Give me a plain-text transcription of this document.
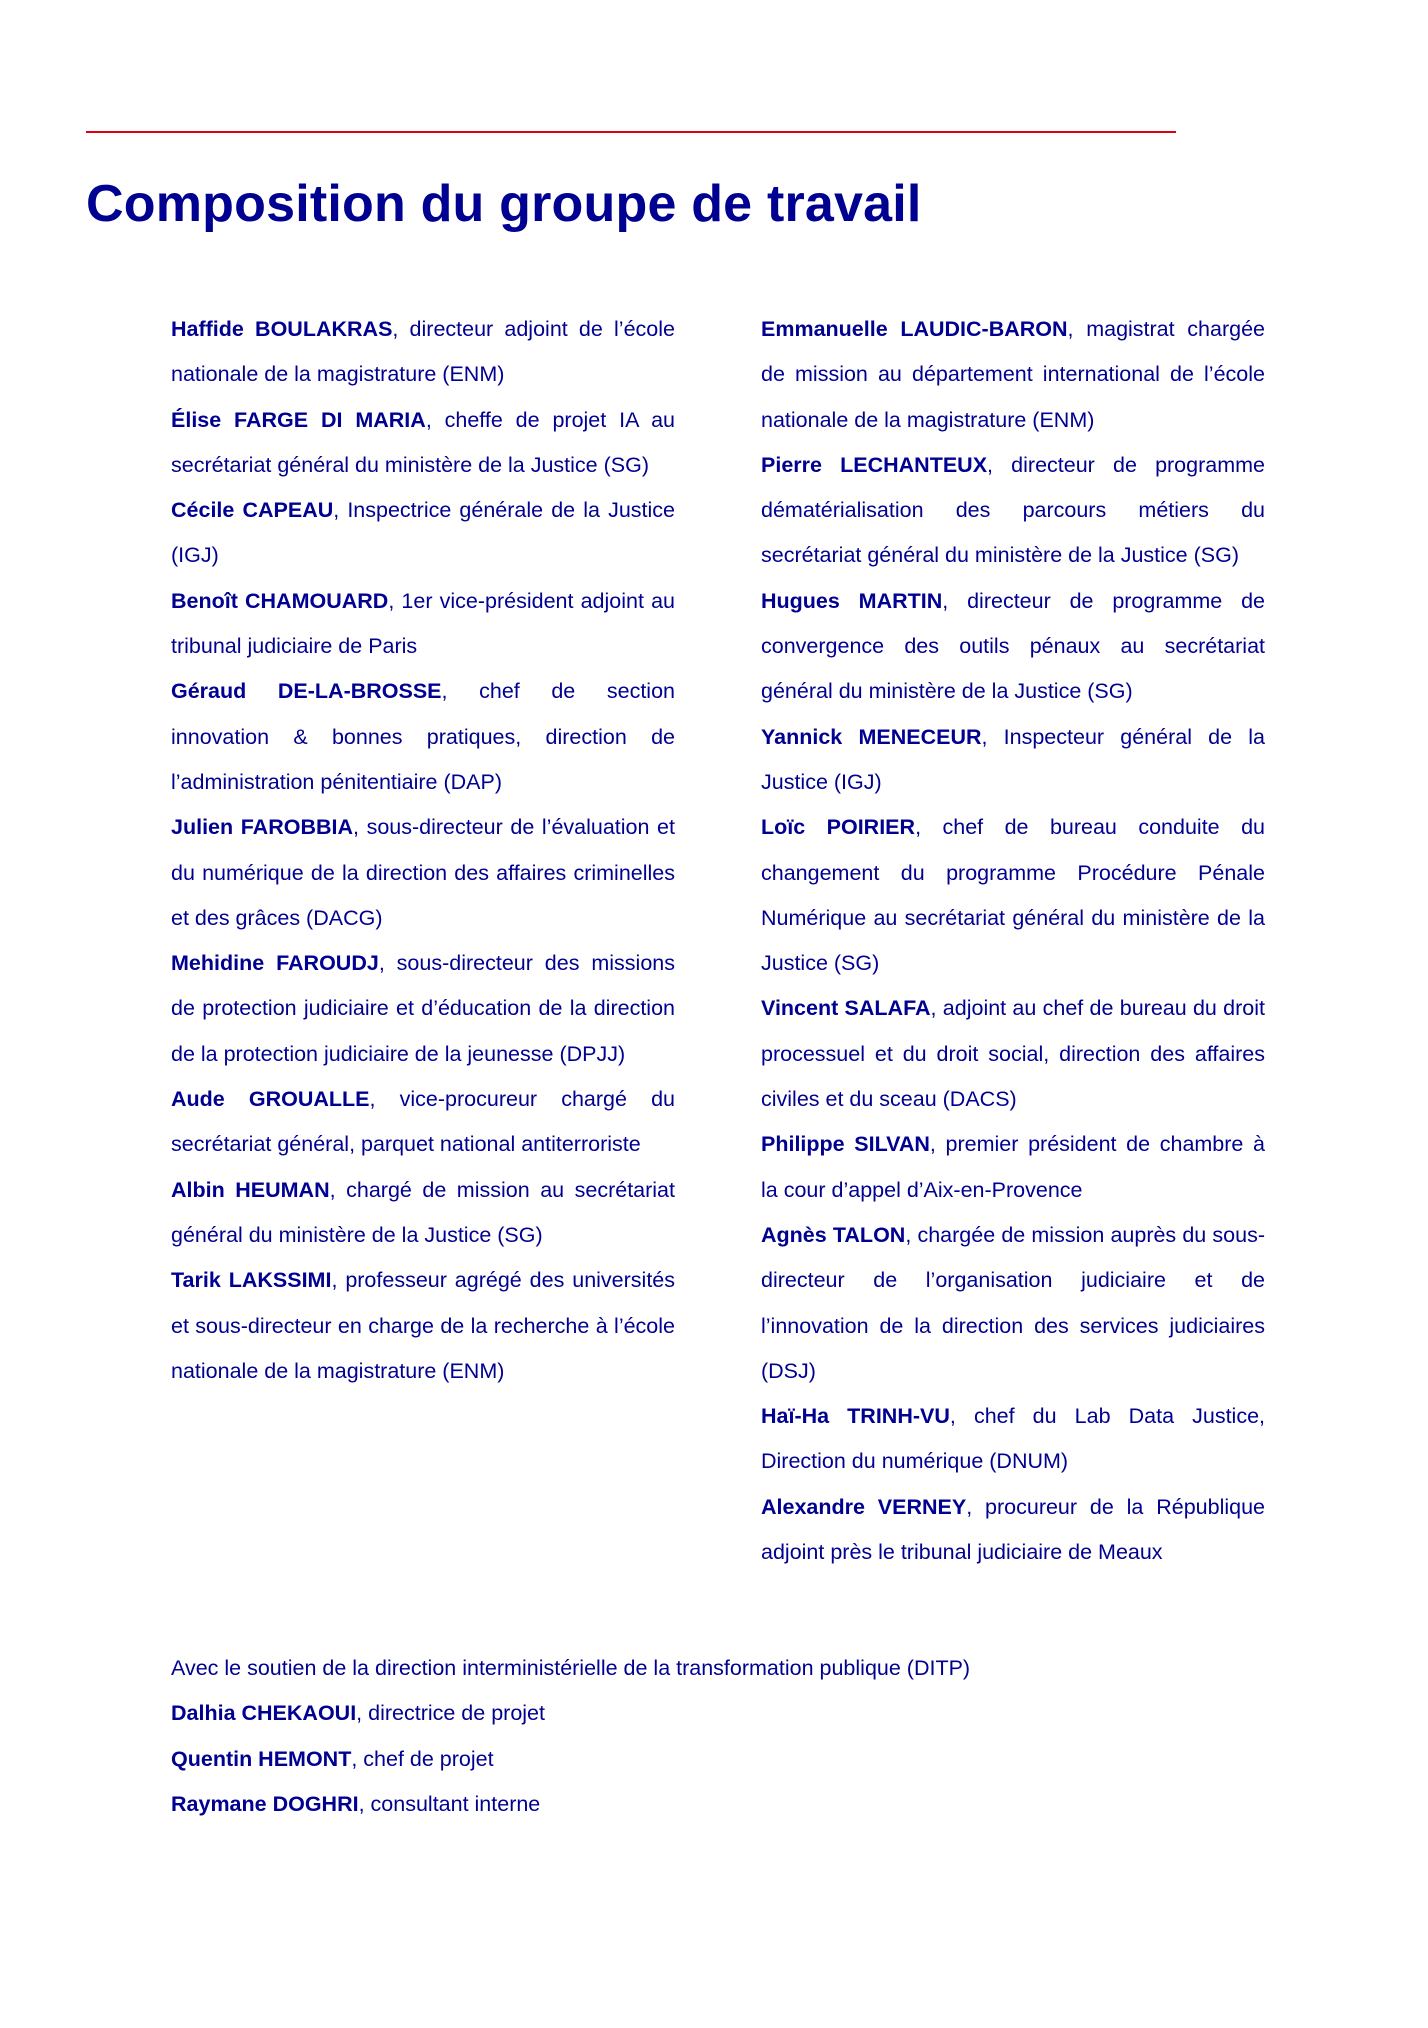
Composition du groupe de travail

Haffide BOULAKRAS, directeur adjoint de l’école nationale de la magistrature (ENM)

Élise FARGE DI MARIA, cheffe de projet IA au secrétariat général du ministère de la Justice (SG)

Cécile CAPEAU, Inspectrice générale de la Justice (IGJ)

Benoît CHAMOUARD, 1er vice-président adjoint au tribunal judiciaire de Paris

Géraud DE-LA-BROSSE, chef de section innovation & bonnes pratiques, direction de l’administration pénitentiaire (DAP)

Julien FAROBBIA, sous-directeur de l’évaluation et du numérique de la direction des affaires criminelles et des grâces (DACG)

Mehidine FAROUDJ, sous-directeur des missions de protection judiciaire et d’éducation de la direction de la protection judiciaire de la jeunesse (DPJJ)

Aude GROUALLE, vice-procureur chargé du secrétariat général, parquet national antiterroriste

Albin HEUMAN, chargé de mission au secrétariat général du ministère de la Justice (SG)

Tarik LAKSSIMI, professeur agrégé des universités et sous-directeur en charge de la recherche à l’école nationale de la magistrature (ENM)

Emmanuelle LAUDIC-BARON, magistrat chargée de mission au département international de l’école nationale de la magistrature (ENM)

Pierre LECHANTEUX, directeur de programme dématérialisation des parcours métiers du secrétariat général du ministère de la Justice (SG)

Hugues MARTIN, directeur de programme de convergence des outils pénaux au secrétariat général du ministère de la Justice (SG)

Yannick MENECEUR, Inspecteur général de la Justice (IGJ)

Loïc POIRIER, chef de bureau conduite du changement du programme Procédure Pénale Numérique au secrétariat général du ministère de la Justice (SG)

Vincent SALAFA, adjoint au chef de bureau du droit processuel et du droit social, direction des affaires civiles et du sceau (DACS)

Philippe SILVAN, premier président de chambre à la cour d’appel d’Aix-en-Provence

Agnès TALON, chargée de mission auprès du sous-directeur de l’organisation judiciaire et de l’innovation de la direction des services judiciaires (DSJ)

Haï-Ha TRINH-VU, chef du Lab Data Justice, Direction du numérique (DNUM)

Alexandre VERNEY, procureur de la République adjoint près le tribunal judiciaire de Meaux

Avec le soutien de la direction interministérielle de la transformation publique (DITP)

Dalhia CHEKAOUI, directrice de projet

Quentin HEMONT, chef de projet

Raymane DOGHRI, consultant interne
